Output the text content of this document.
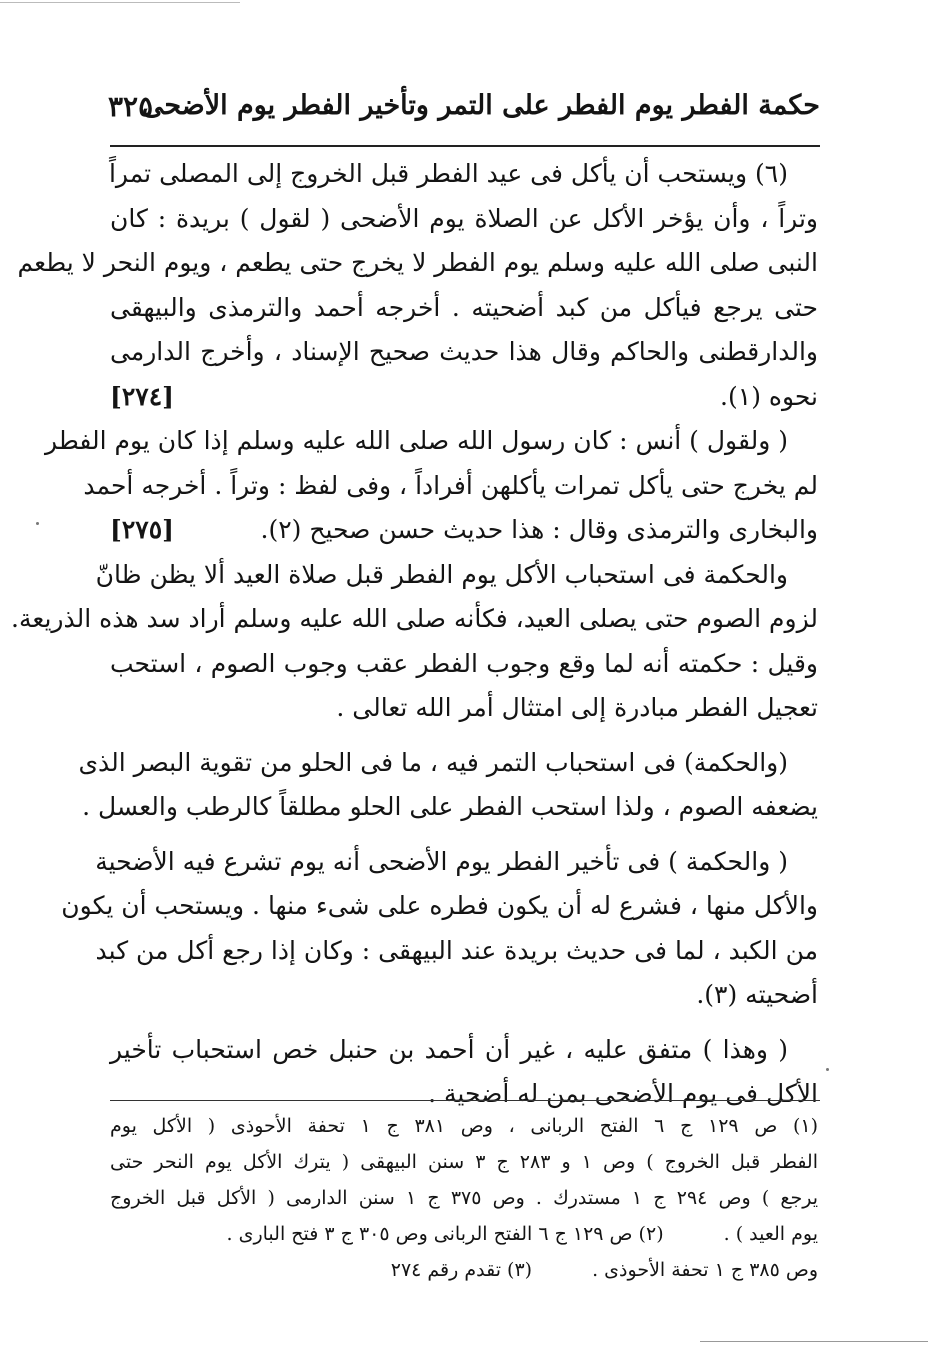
حكمة الفطر يوم الفطر على التمر وتأخير الفطر يوم الأضحى
٣٢٥
(٦) ويستحب أن يأكل فى عيد الفطر قبل الخروج إلى المصلى تمراً
وتراً ، وأن يؤخر الأكل عن الصلاة يوم الأضحى ( لقول ) بريدة : كان
النبى صلى الله عليه وسلم يوم الفطر لا يخرج حتى يطعم ، ويوم النحر لا يطعم
حتى يرجع فيأكل من كبد أضحيته . أخرجه أحمد والترمذى والبيهقى
والدارقطنى والحاكم وقال هذا حديث صحيح الإسناد ، وأخرج الدارمى
نحوه (١).
[٢٧٤]
( ولقول ) أنس : كان رسول الله صلى الله عليه وسلم إذا كان يوم الفطر
لم يخرج حتى يأكل تمرات يأكلهن أفراداً ، وفى لفظ : وتراً . أخرجه أحمد
والبخارى والترمذى وقال : هذا حديث حسن صحيح (٢).
[٢٧٥]
والحكمة فى استحباب الأكل يوم الفطر قبل صلاة العيد ألا يظن ظانّ
لزوم الصوم حتى يصلى العيد، فكأنه صلى الله عليه وسلم أراد سد هذه الذريعة.
وقيل : حكمته أنه لما وقع وجوب الفطر عقب وجوب الصوم ، استحب
تعجيل الفطر مبادرة إلى امتثال أمر الله تعالى .
(والحكمة) فى استحباب التمر فيه ، ما فى الحلو من تقوية البصر الذى
يضعفه الصوم ، ولذا استحب الفطر على الحلو مطلقاً كالرطب والعسل .
( والحكمة ) فى تأخير الفطر يوم الأضحى أنه يوم تشرع فيه الأضحية
والأكل منها ، فشرع له أن يكون فطره على شىء منها . ويستحب أن يكون
من الكبد ، لما فى حديث بريدة عند البيهقى : وكان إذا رجع أكل من كبد
أضحيته (٣).
( وهذا ) متفق عليه ، غير أن أحمد بن حنبل خص استحباب تأخير
الأكل فى يوم الأضحى بمن له أضحية .
(١) ص ١٢٩ ج ٦ الفتح الربانى ، وص ٣٨١ ج ١ تحفة الأحوذى ( الأكل يوم
الفطر قبل الخروج ) وص ١ و ٢٨٣ ج ٣ سنن البيهقى ( يترك الأكل يوم النحر حتى
يرجع ) وص ٢٩٤ ج ١ مستدرك . وص ٣٧٥ ج ١ سنن الدارمى ( الأكل قبل الخروج
يوم العيد ) .
(٢) ص ١٢٩ ج ٦ الفتح الربانى وص ٣٠٥ ج ٣ فتح البارى .
وص ٣٨٥ ج ١ تحفة الأحوذى .
(٣) تقدم رقم ٢٧٤
